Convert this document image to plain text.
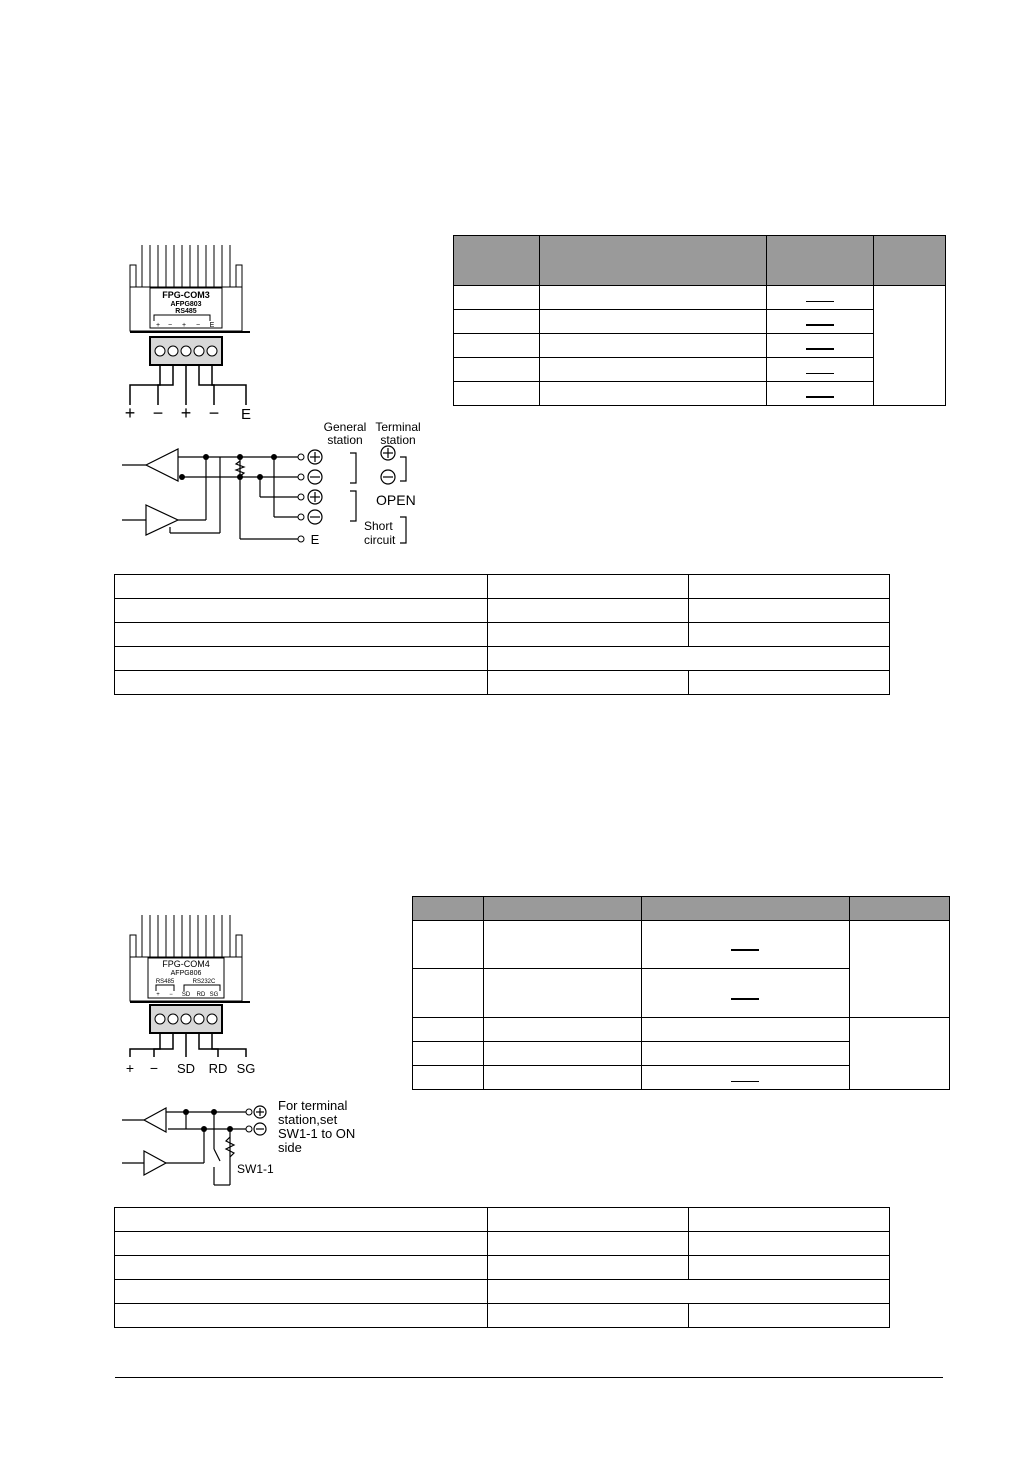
FPG-COM3
AFPG803
RS485
+ − + − E
+ − + − E
E
General station
Terminal station
OPEN
Short circuit

FPG-COM4
AFPG806
RS485	RS232C
+ − SD RD SG
+ − SD RD SG
SW1-1
For terminal station,set SW1-1 to ON side
